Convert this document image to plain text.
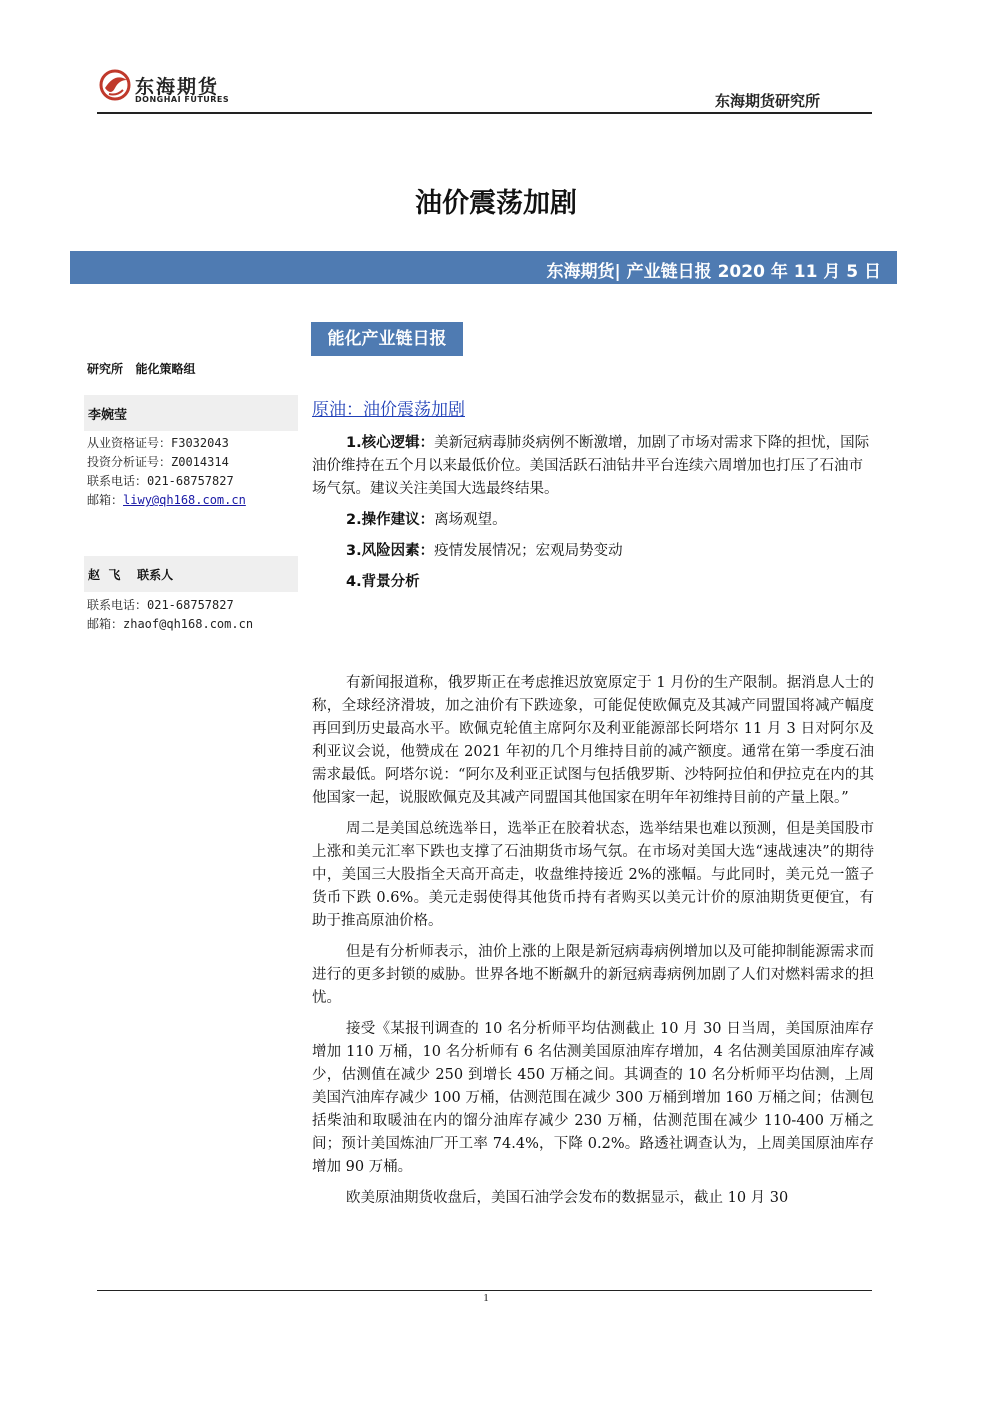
东海期货
DONGHAI FUTURES	东海期货研究所
油价震荡加剧
东海期货| 产业链日报 2020 年 11 月 5 日
能化产业链日报
研究所   能化策略组
李婉莹
从业资格证号：F3032043
投资分析证号：Z0014314
联系电话：021-68757827
邮箱：liwy@qh168.com.cn
赵  飞    联系人
联系电话：021-68757827
邮箱：zhaof@qh168.com.cn
原油：油价震荡加剧

1.核心逻辑：美新冠病毒肺炎病例不断激增，加剧了市场对需求下降的担忧，国际油价维持在五个月以来最低价位。美国活跃石油钻井平台连续六周增加也打压了石油市场气氛。建议关注美国大选最终结果。

2.操作建议：离场观望。

3.风险因素：疫情发展情况；宏观局势变动

4.背景分析

有新闻报道称，俄罗斯正在考虑推迟放宽原定于 1 月份的生产限制。据消息人士的称，全球经济滑坡，加之油价有下跌迹象，可能促使欧佩克及其减产同盟国将减产幅度再回到历史最高水平。欧佩克轮值主席阿尔及利亚能源部长阿塔尔 11 月 3 日对阿尔及利亚议会说，他赞成在 2021 年初的几个月维持目前的减产额度。通常在第一季度石油需求最低。阿塔尔说：“阿尔及利亚正试图与包括俄罗斯、沙特阿拉伯和伊拉克在内的其他国家一起，说服欧佩克及其减产同盟国其他国家在明年年初维持目前的产量上限。”

周二是美国总统选举日，选举正在胶着状态，选举结果也难以预测，但是美国股市上涨和美元汇率下跌也支撑了石油期货市场气氛。在市场对美国大选“速战速决”的期待中，美国三大股指全天高开高走，收盘维持接近 2%的涨幅。与此同时，美元兑一篮子货币下跌 0.6%。美元走弱使得其他货币持有者购买以美元计价的原油期货更便宜，有助于推高原油价格。

但是有分析师表示，油价上涨的上限是新冠病毒病例增加以及可能抑制能源需求而进行的更多封锁的威胁。世界各地不断飙升的新冠病毒病例加剧了人们对燃料需求的担忧。

接受《某报刊调查的 10 名分析师平均估测截止 10 月 30 日当周，美国原油库存增加 110 万桶，10 名分析师有 6 名估测美国原油库存增加，4 名估测美国原油库存减少，估测值在减少 250 到增长 450 万桶之间。其调查的 10 名分析师平均估测，上周美国汽油库存减少 100 万桶，估测范围在减少 300 万桶到增加 160 万桶之间；估测包括柴油和取暖油在内的馏分油库存减少 230 万桶，估测范围在减少 110-400 万桶之间；预计美国炼油厂开工率 74.4%，下降 0.2%。路透社调查认为，上周美国原油库存增加 90 万桶。

欧美原油期货收盘后，美国石油学会发布的数据显示，截止 10 月 30

1
